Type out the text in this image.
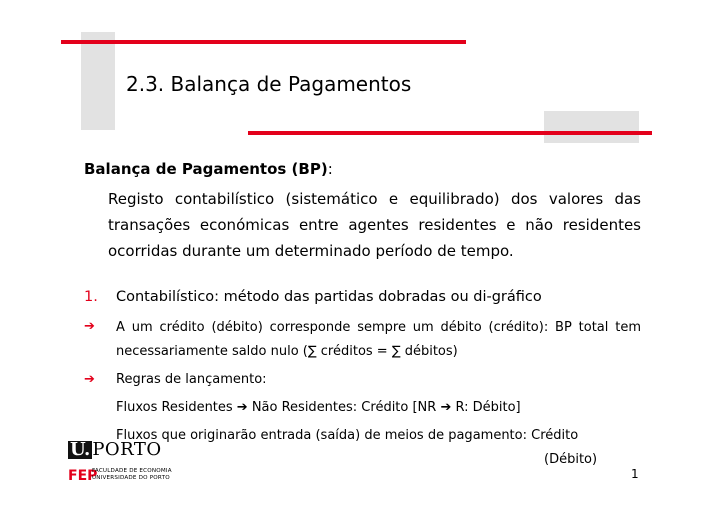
2.3. Balança de Pagamentos
Balança de Pagamentos (BP):
Registo contabilístico (sistemático e equilibrado) dos valores das transações económicas entre agentes residentes e não residentes ocorridas durante um determinado período de tempo.
1. Contabilístico: método das partidas dobradas ou di-gráfico
➔ A um crédito (débito) corresponde sempre um débito (crédito): BP total tem necessariamente saldo nulo (∑ créditos = ∑ débitos)
➔ Regras de lançamento:
Fluxos Residentes ➔ Não Residentes: Crédito [NR ➔ R: Débito]
Fluxos que originarão entrada (saída) de meios de pagamento: Crédito
(Débito)
U. PORTO
FEP
FACULDADE DE ECONOMIA
UNIVERSIDADE DO PORTO	1
